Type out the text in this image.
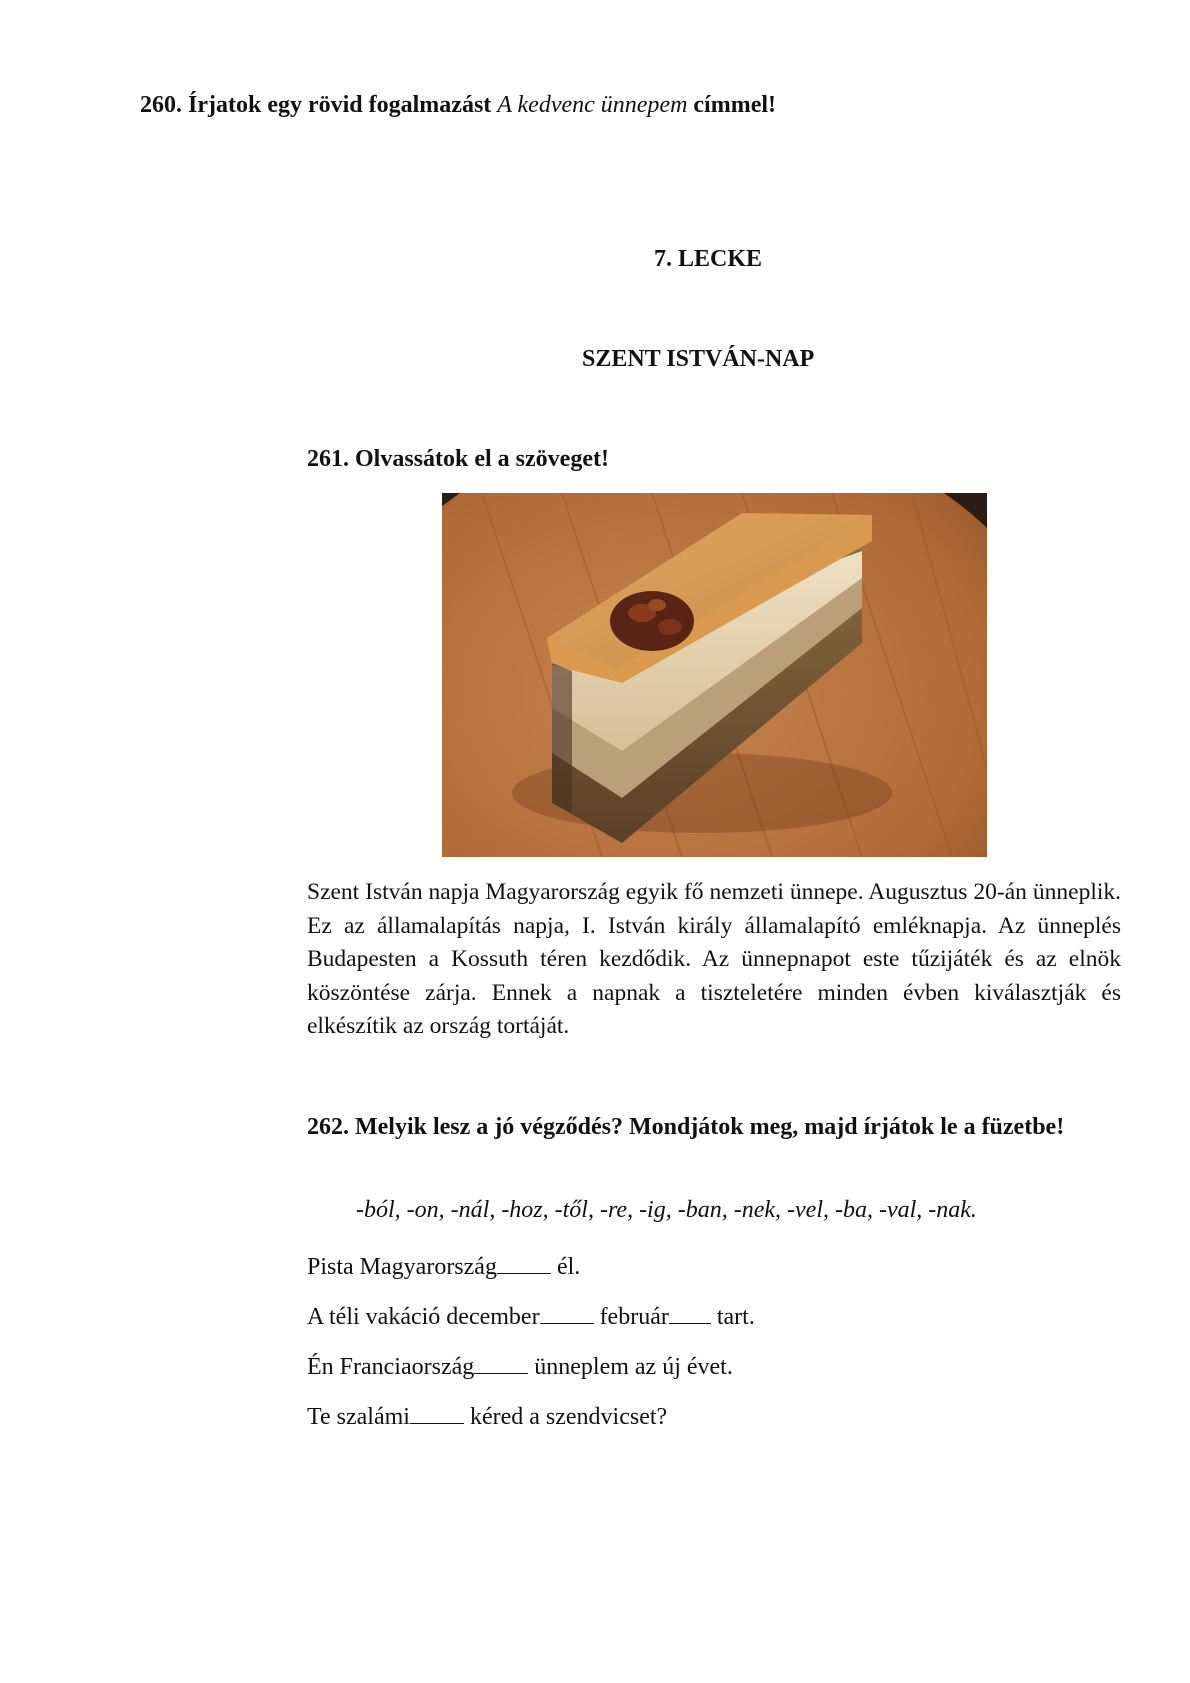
260. Írjatok egy rövid fogalmazást A kedvenc ünnepem címmel!
7. LECKE
SZENT ISTVÁN-NAP
261. Olvassátok el a szöveget!

Szent István napja Magyarország egyik fő nemzeti ünnepe. Augusztus 20-án ünneplik. Ez az államalapítás napja, I. István király államalapító emléknapja. Az ünneplés Budapesten a Kossuth téren kezdődik. Az ünnepnapot este tűzijáték és az elnök köszöntése zárja. Ennek a napnak a tiszteletére minden évben kiválasztják és elkészítik az ország tortáját.

262. Melyik lesz a jó végződés? Mondjátok meg, majd írjátok le a füzetbe!

-ból, -on, -nál, -hoz, -től, -re, -ig, -ban, -nek, -vel, -ba, -val, -nak.
Pista Magyarország él.
A téli vakáció december február tart.
Én Franciaország ünneplem az új évet.
Te szalámi kéred a szendvicset?
